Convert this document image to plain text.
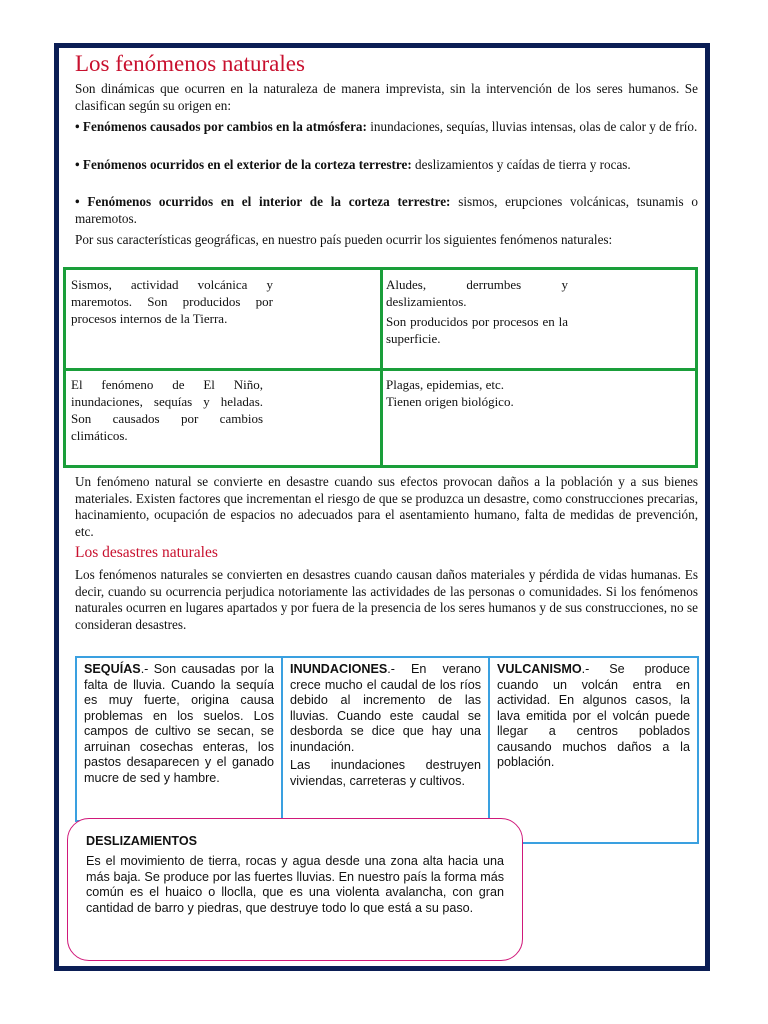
Los fenómenos naturales

Son dinámicas que ocurren en la naturaleza de manera imprevista, sin la intervención de los seres humanos. Se clasifican según su origen en:

• Fenómenos causados por cambios en la atmósfera: inundaciones, sequías, lluvias intensas, olas de calor y de frío.

• Fenómenos ocurridos en el exterior de la corteza terrestre: deslizamientos y caídas de tierra y rocas.

• Fenómenos ocurridos en el interior de la corteza terrestre: sismos, erupciones volcánicas, tsunamis o maremotos.

Por sus características geográficas, en nuestro país pueden ocurrir los siguientes fenómenos naturales:

Sismos, actividad volcánica y maremotos. Son producidos por procesos internos de la Tierra.

Aludes, derrumbes y deslizamientos.

Son producidos por procesos en la superficie.

El fenómeno de El Niño, inundaciones, sequías y heladas. Son causados por cambios climáticos.

Plagas, epidemias, etc.

Tienen origen biológico.

Un fenómeno natural se convierte en desastre cuando sus efectos provocan daños a la población y a sus bienes materiales. Existen factores que incrementan el riesgo de que se produzca un desastre, como construcciones precarias, hacinamiento, ocupación de espacios no adecuados para el asentamiento humano, falta de medidas de prevención, etc.

Los desastres naturales

Los fenómenos naturales se convierten en desastres cuando causan daños materiales y pérdida de vidas humanas. Es decir, cuando su ocurrencia perjudica notoriamente las actividades de las personas o comunidades. Si los fenómenos naturales ocurren en lugares apartados y por fuera de la presencia de los seres humanos y de sus construcciones, no se consideran desastres.

SEQUÍAS.- Son causadas por la falta de lluvia. Cuando la sequía es muy fuerte, origina causa problemas en los suelos. Los campos de cultivo se secan, se arruinan cosechas enteras, los pastos desaparecen y el ganado mucre de sed y hambre.

INUNDACIONES.- En verano crece mucho el caudal de los ríos debido al incremento de las lluvias. Cuando este caudal se desborda se dice que hay una inundación.

Las inundaciones destruyen viviendas, carreteras y cultivos.

VULCANISMO.- Se produce cuando un volcán entra en actividad. En algunos casos, la lava emitida por el volcán puede llegar a centros poblados causando muchos daños a la población.

DESLIZAMIENTOS

Es el movimiento de tierra, rocas y agua desde una zona alta hacia una más baja. Se produce por las fuertes lluvias. En nuestro país la forma más común es el huaico o lloclla, que es una violenta avalancha, con gran cantidad de barro y piedras, que destruye todo lo que está a su paso.
